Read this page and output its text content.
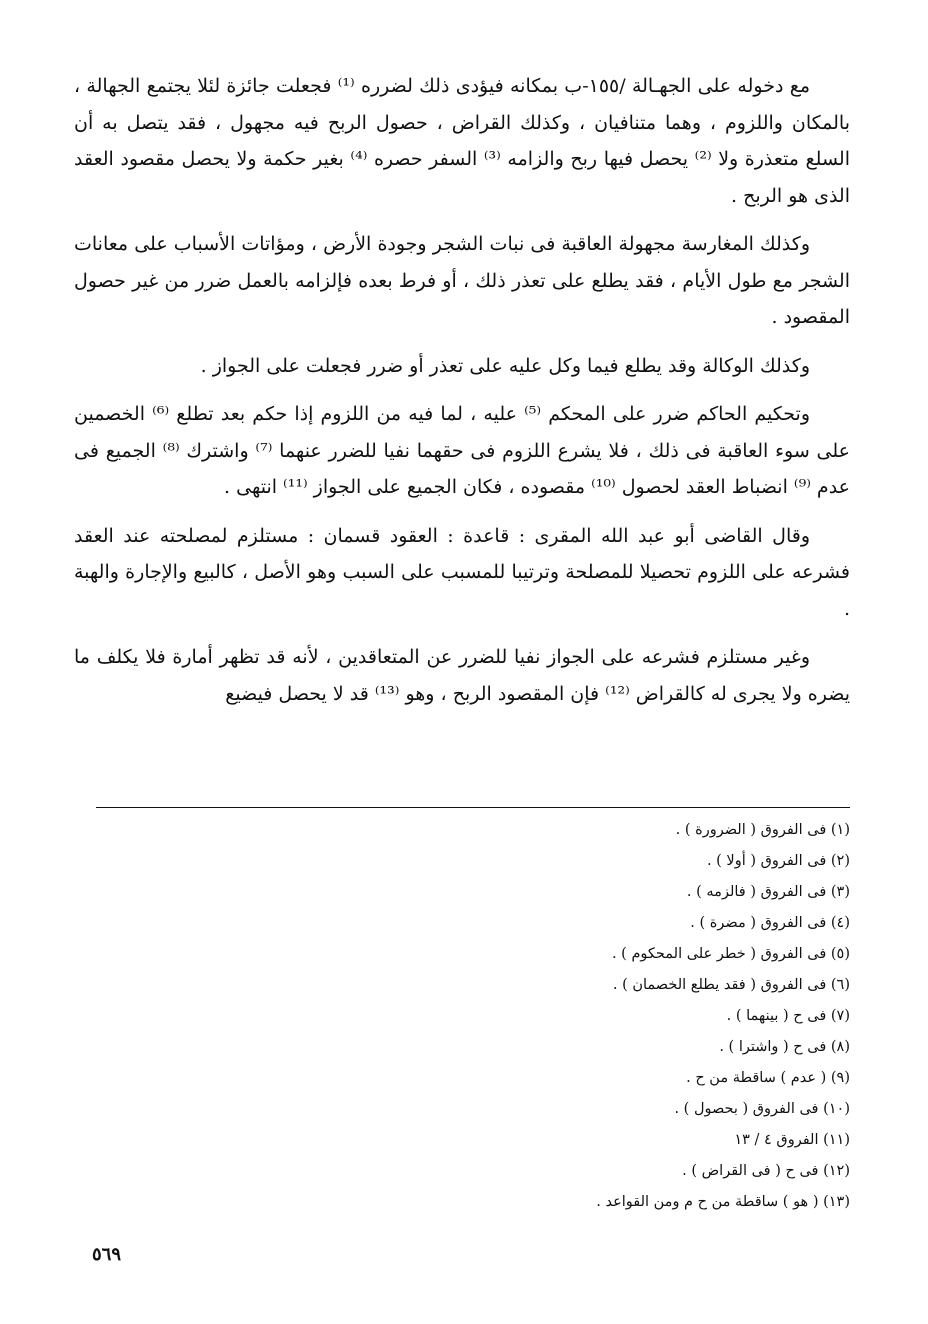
مع دخوله على الجهـالة /١٥٥-ب بمكانه فيؤدى ذلك لضرره ⁽¹⁾ فجعلت جائزة لئلا يجتمع الجهالة ، بالمكان واللزوم ، وهما متنافيان ، وكذلك القراض ، حصول الربح فيه مجهول ، فقد يتصل به أن السلع متعذرة ولا ⁽²⁾ يحصل فيها ربح والزامه ⁽³⁾ السفر حصره ⁽⁴⁾ بغير حكمة ولا يحصل مقصود العقد الذى هو الربح .

وكذلك المغارسة مجهولة العاقبة فى نبات الشجر وجودة الأرض ، ومؤاتات الأسباب على معانات الشجر مع طول الأيام ، فقد يطلع على تعذر ذلك ، أو فرط بعده فإلزامه بالعمل ضرر من غير حصول المقصود .

وكذلك الوكالة وقد يطلع فيما وكل عليه على تعذر أو ضرر فجعلت على الجواز .

وتحكيم الحاكم ضرر على المحكم ⁽⁵⁾ عليه ، لما فيه من اللزوم إذا حكم بعد تطلع ⁽⁶⁾ الخصمين على سوء العاقبة فى ذلك ، فلا يشرع اللزوم فى حقهما نفيا للضرر عنهما ⁽⁷⁾ واشترك ⁽⁸⁾ الجميع فى عدم ⁽⁹⁾ انضباط العقد لحصول ⁽¹⁰⁾ مقصوده ، فكان الجميع على الجواز ⁽¹¹⁾ انتهى .

وقال القاضى أبو عبد الله المقرى : قاعدة : العقود قسمان : مستلزم لمصلحته عند العقد فشرعه على اللزوم تحصيلا للمصلحة وترتيبا للمسبب على السبب وهو الأصل ، كالبيع والإجارة والهبة .

وغير مستلزم فشرعه على الجواز نفيا للضرر عن المتعاقدين ، لأنه قد تظهر أمارة فلا يكلف ما يضره ولا يجرى له كالقراض ⁽¹²⁾ فإن المقصود الربح ، وهو ⁽¹³⁾ قد لا يحصل فيضيع

(١) فى الفروق ( الضرورة ) .
(٢) فى الفروق ( أولا ) .
(٣) فى الفروق ( فالزمه ) .
(٤) فى الفروق ( مضرة ) .
(٥) فى الفروق ( خطر على المحكوم ) .
(٦) فى الفروق ( فقد يطلع الخصمان ) .
(٧) فى ح ( بينهما ) .
(٨) فى ح ( واشترا ) .
(٩) ( عدم ) ساقطة من ح .
(١٠) فى الفروق ( بحصول ) .
(١١) الفروق ٤ / ١٣
(١٢) فى ح ( فى القراض ) .
(١٣) ( هو ) ساقطة من ح م ومن القواعد .
٥٦٩
